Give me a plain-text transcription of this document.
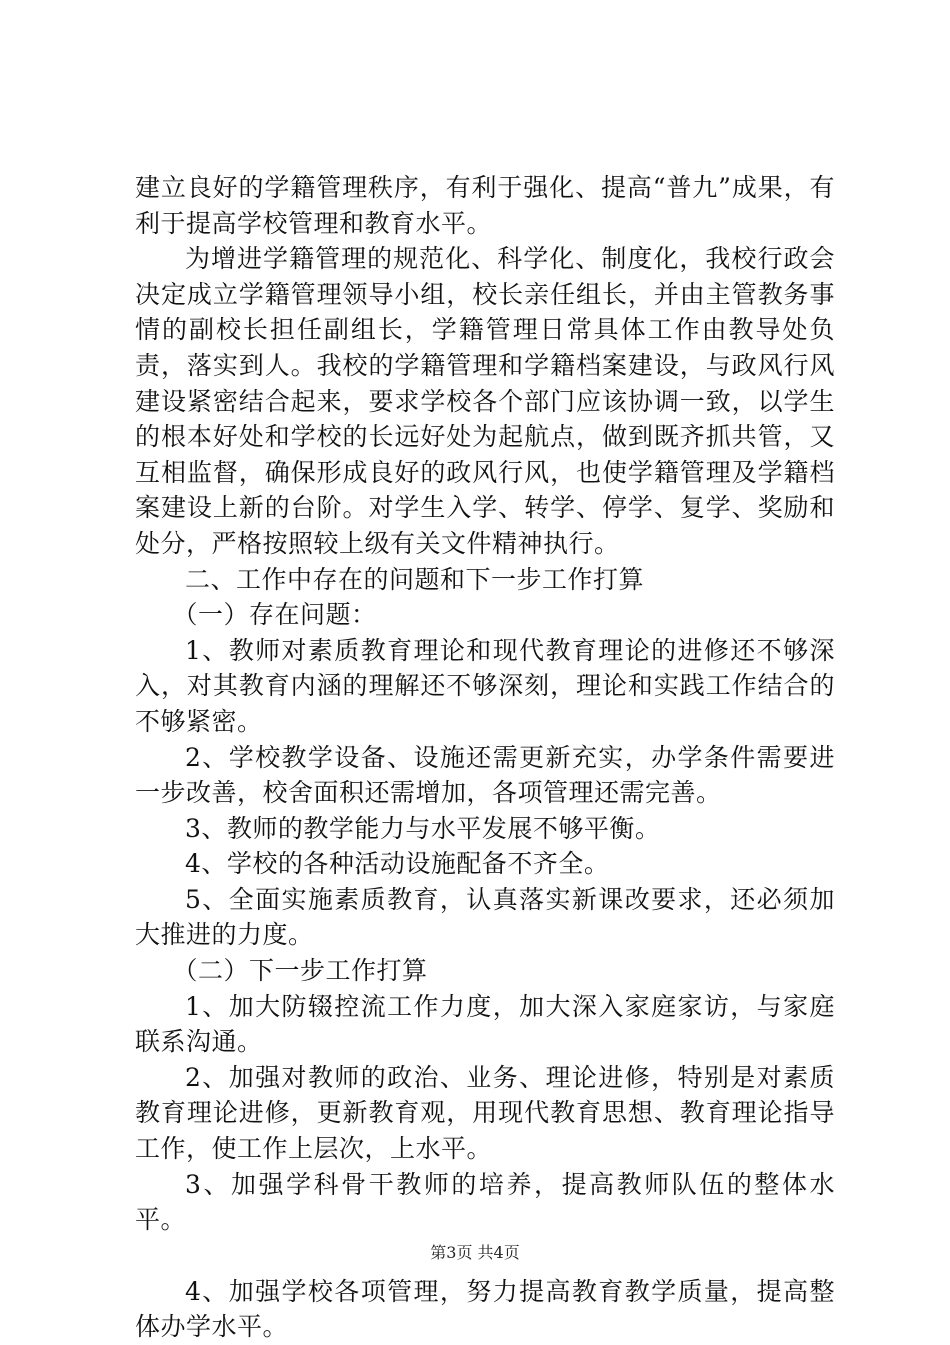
建立良好的学籍管理秩序，有利于强化、提高“普九”成果，有利于提高学校管理和教育水平。

为增进学籍管理的规范化、科学化、制度化，我校行政会决定成立学籍管理领导小组，校长亲任组长，并由主管教务事情的副校长担任副组长，学籍管理日常具体工作由教导处负责，落实到人。我校的学籍管理和学籍档案建设，与政风行风建设紧密结合起来，要求学校各个部门应该协调一致，以学生的根本好处和学校的长远好处为起航点，做到既齐抓共管，又互相监督，确保形成良好的政风行风，也使学籍管理及学籍档案建设上新的台阶。对学生入学、转学、停学、复学、奖励和处分，严格按照较上级有关文件精神执行。

二、工作中存在的问题和下一步工作打算

（一）存在问题：

1、教师对素质教育理论和现代教育理论的进修还不够深入，对其教育内涵的理解还不够深刻，理论和实践工作结合的不够紧密。

2、学校教学设备、设施还需更新充实，办学条件需要进一步改善，校舍面积还需增加，各项管理还需完善。

3、教师的教学能力与水平发展不够平衡。

4、学校的各种活动设施配备不齐全。

5、全面实施素质教育，认真落实新课改要求，还必须加大推进的力度。

（二）下一步工作打算

1、加大防辍控流工作力度，加大深入家庭家访，与家庭联系沟通。

2、加强对教师的政治、业务、理论进修，特别是对素质教育理论进修，更新教育观，用现代教育思想、教育理论指导工作，使工作上层次，上水平。

3、加强学科骨干教师的培养，提高教师队伍的整体水平。

4、加强学校各项管理，努力提高教育教学质量，提高整体办学水平。

第3页 共4页
